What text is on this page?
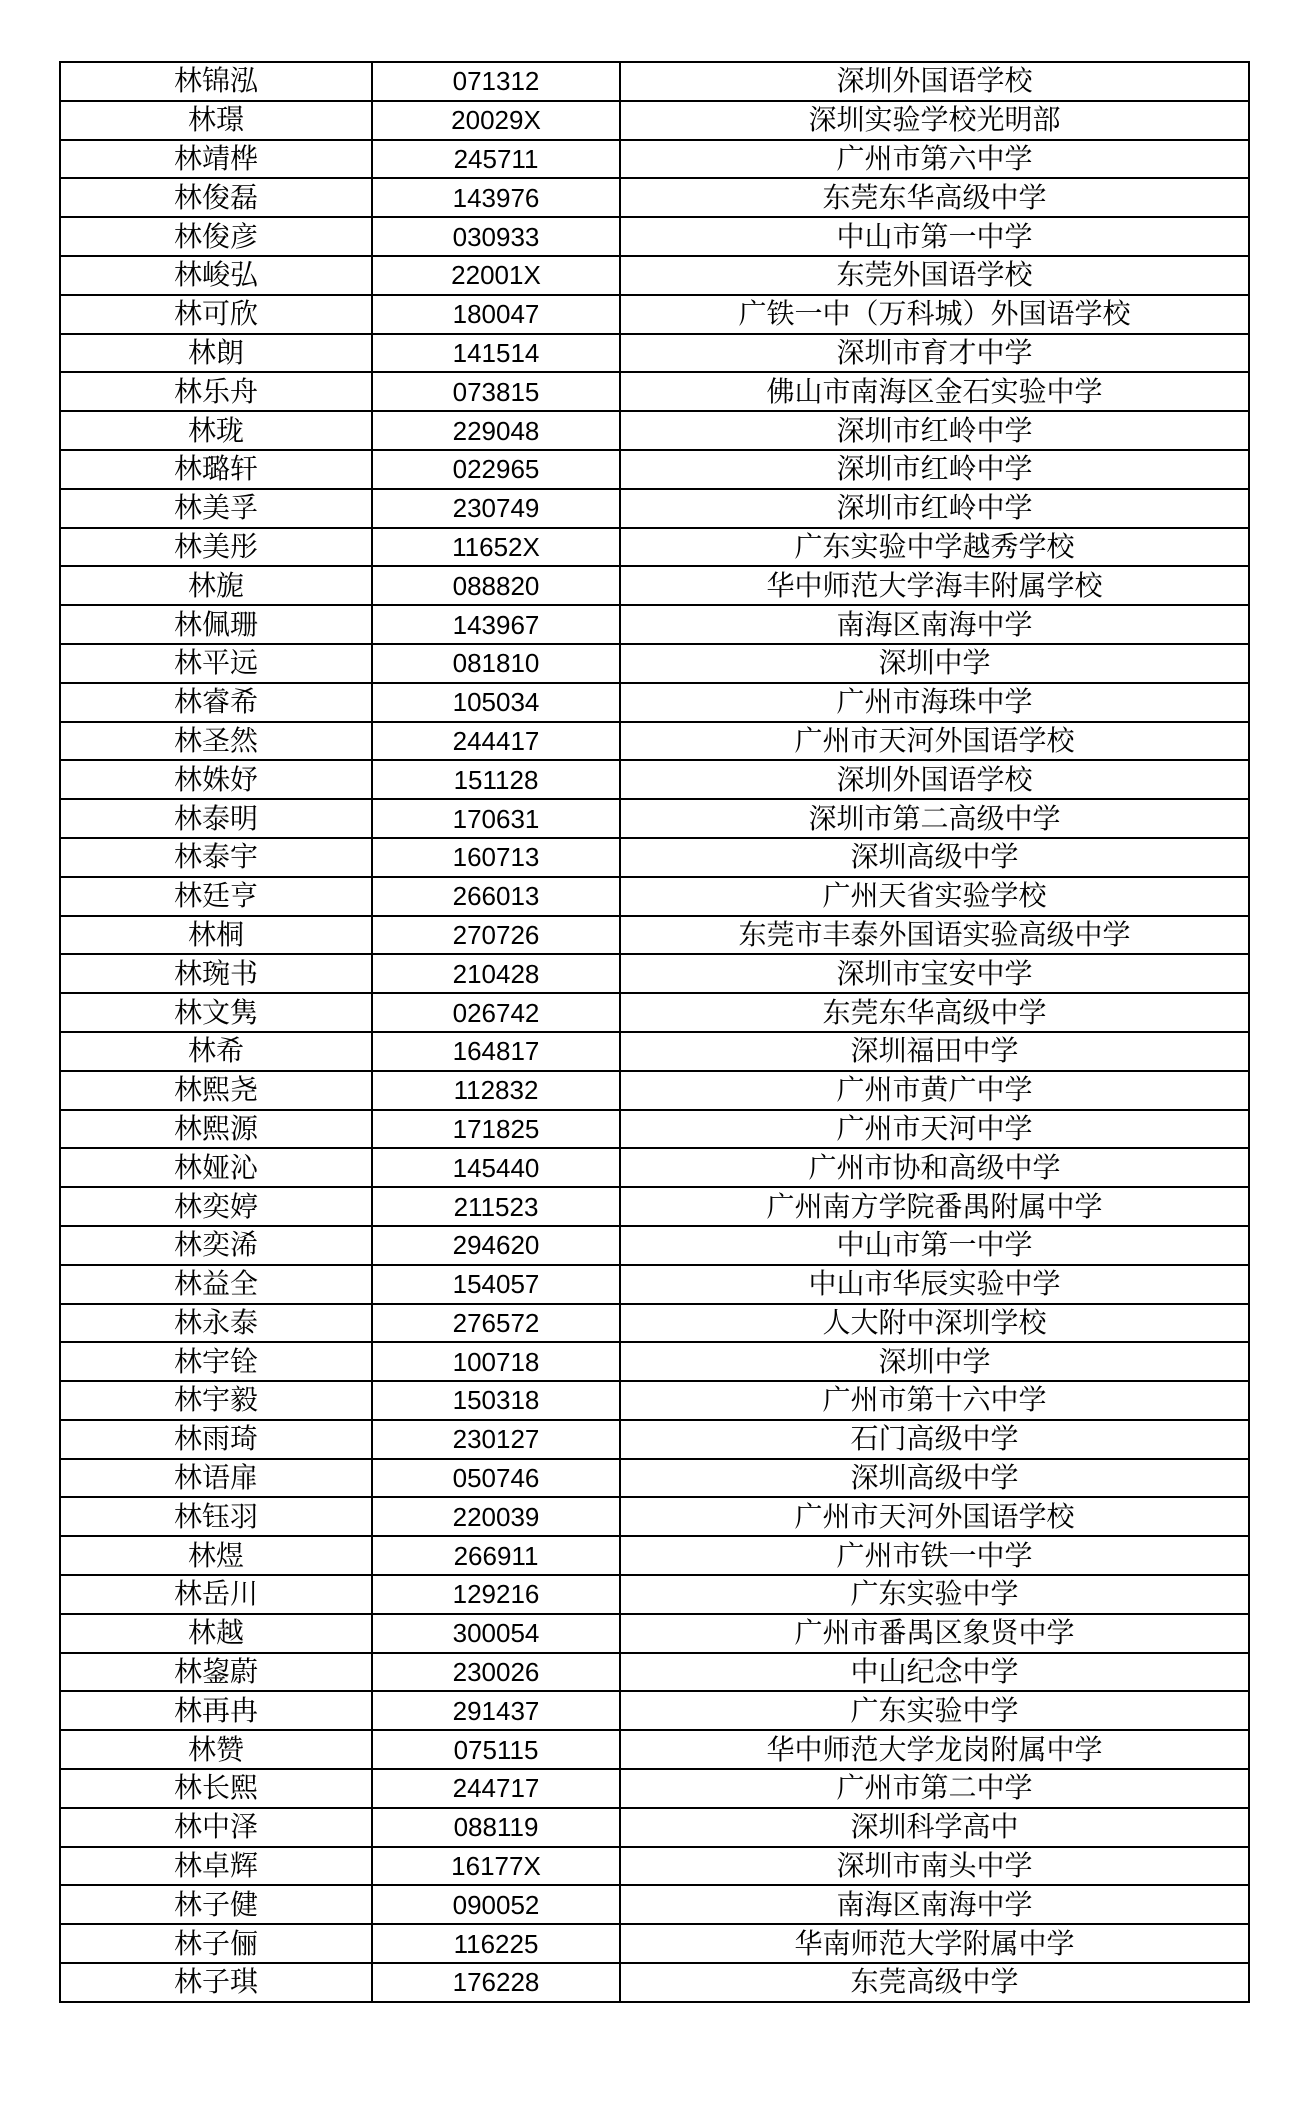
林锦泓	071312	深圳外国语学校
林璟	20029X	深圳实验学校光明部
林靖桦	245711	广州市第六中学
林俊磊	143976	东莞东华高级中学
林俊彦	030933	中山市第一中学
林峻弘	22001X	东莞外国语学校
林可欣	180047	广铁一中（万科城）外国语学校
林朗	141514	深圳市育才中学
林乐舟	073815	佛山市南海区金石实验中学
林珑	229048	深圳市红岭中学
林璐轩	022965	深圳市红岭中学
林美孚	230749	深圳市红岭中学
林美彤	11652X	广东实验中学越秀学校
林旎	088820	华中师范大学海丰附属学校
林佩珊	143967	南海区南海中学
林平远	081810	深圳中学
林睿希	105034	广州市海珠中学
林圣然	244417	广州市天河外国语学校
林姝妤	151128	深圳外国语学校
林泰明	170631	深圳市第二高级中学
林泰宇	160713	深圳高级中学
林廷亨	266013	广州天省实验学校
林桐	270726	东莞市丰泰外国语实验高级中学
林琬书	210428	深圳市宝安中学
林文隽	026742	东莞东华高级中学
林希	164817	深圳福田中学
林熙尧	112832	广州市黄广中学
林熙源	171825	广州市天河中学
林娅沁	145440	广州市协和高级中学
林奕婷	211523	广州南方学院番禺附属中学
林奕浠	294620	中山市第一中学
林益全	154057	中山市华辰实验中学
林永泰	276572	人大附中深圳学校
林宇铨	100718	深圳中学
林宇毅	150318	广州市第十六中学
林雨琦	230127	石门高级中学
林语扉	050746	深圳高级中学
林钰羽	220039	广州市天河外国语学校
林煜	266911	广州市铁一中学
林岳川	129216	广东实验中学
林越	300054	广州市番禺区象贤中学
林鋆蔚	230026	中山纪念中学
林再冉	291437	广东实验中学
林赞	075115	华中师范大学龙岗附属中学
林长熙	244717	广州市第二中学
林中泽	088119	深圳科学高中
林卓辉	16177X	深圳市南头中学
林子健	090052	南海区南海中学
林子俪	116225	华南师范大学附属中学
林子琪	176228	东莞高级中学
